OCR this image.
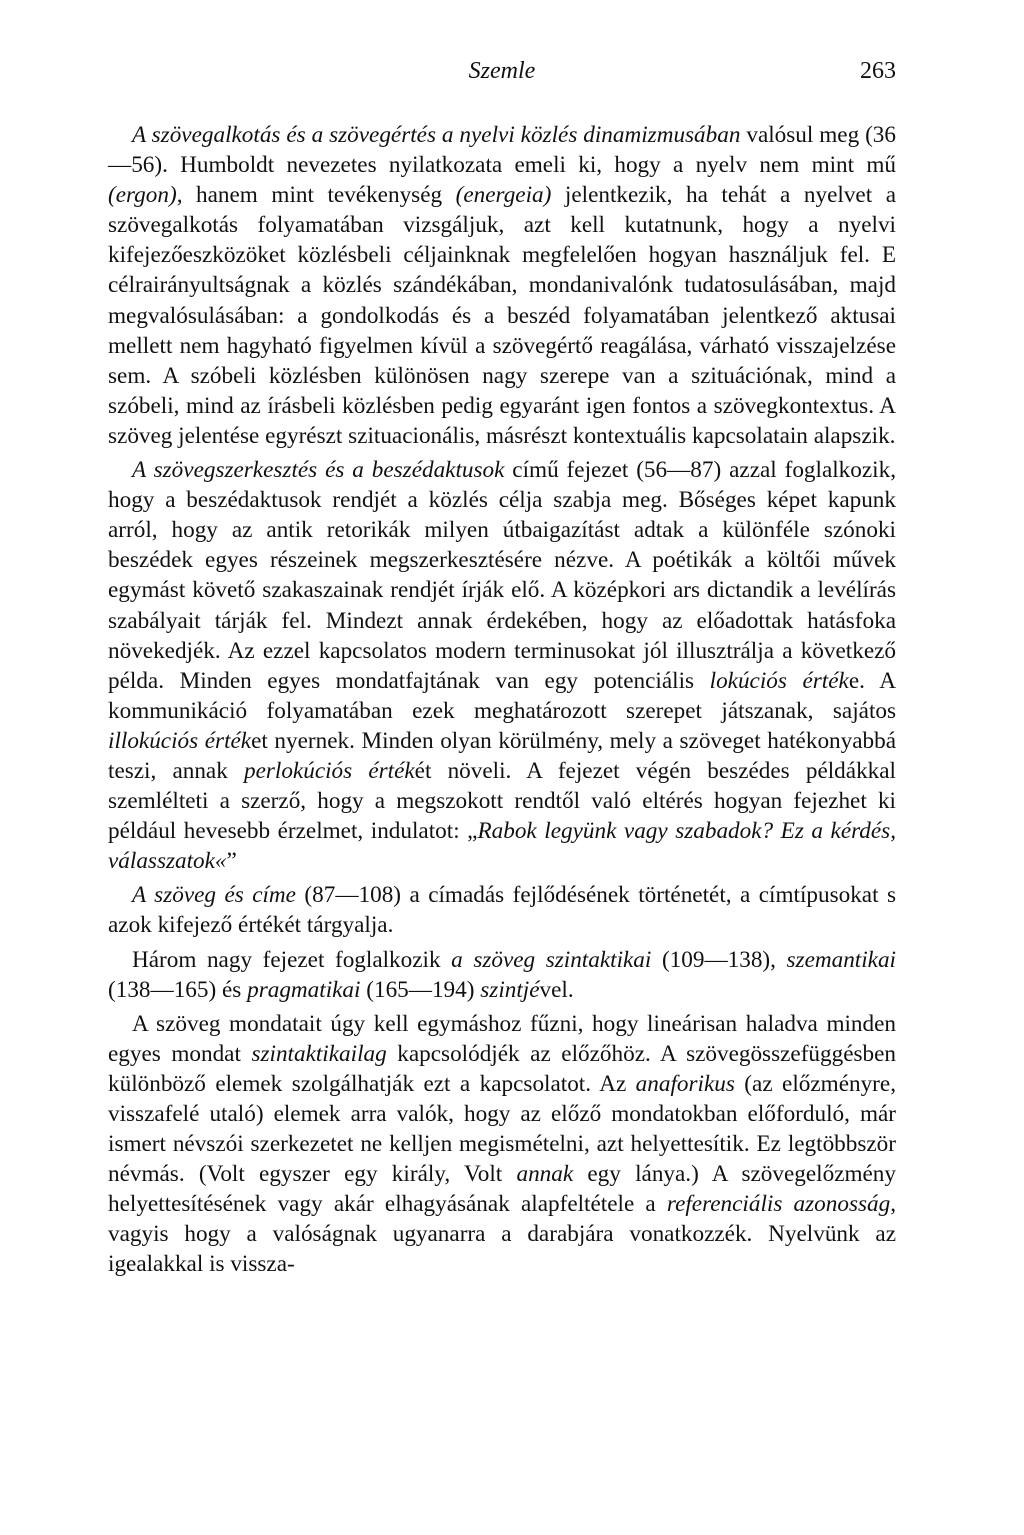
Szemle	263

A szövegalkotás és a szövegértés a nyelvi közlés dinamizmusában valósul meg (36—56). Humboldt nevezetes nyilatkozata emeli ki, hogy a nyelv nem mint mű (ergon), hanem mint tevékenység (energeia) jelentkezik, ha tehát a nyelvet a szövegalkotás folyamatában vizsgáljuk, azt kell kutatnunk, hogy a nyelvi kifejezőeszközöket közlésbeli céljainknak megfelelően hogyan használjuk fel. E célrairányultságnak a közlés szándékában, mondanivalónk tudatosulásában, majd megvalósulásában: a gondolkodás és a beszéd folyamatában jelentkező aktusai mellett nem hagyható figyelmen kívül a szövegértő reagálása, várható visszajelzése sem. A szóbeli közlésben különösen nagy szerepe van a szituációnak, mind a szóbeli, mind az írásbeli közlésben pedig egyaránt igen fontos a szövegkontextus. A szöveg jelentése egyrészt szituacionális, másrészt kontextuális kapcsolatain alapszik.

A szövegszerkesztés és a beszédaktusok című fejezet (56—87) azzal foglalkozik, hogy a beszédaktusok rendjét a közlés célja szabja meg. Bőséges képet kapunk arról, hogy az antik retorikák milyen útbaigazítást adtak a különféle szónoki beszédek egyes részeinek megszerkesztésére nézve. A poétikák a költői művek egymást követő szakaszainak rendjét írják elő. A középkori ars dictandik a levélírás szabályait tárják fel. Mindezt annak érdekében, hogy az előadottak hatásfoka növekedjék. Az ezzel kapcsolatos modern terminusokat jól illusztrálja a következő példa. Minden egyes mondatfajtának van egy potenciális lokúciós értéke. A kommunikáció folyamatában ezek meghatározott szerepet játszanak, sajátos illokúciós értéket nyernek. Minden olyan körülmény, mely a szöveget hatékonyabbá teszi, annak perlokúciós értékét növeli. A fejezet végén beszédes példákkal szemlélteti a szerző, hogy a megszokott rendtől való eltérés hogyan fejezhet ki például hevesebb érzelmet, indulatot: „Rabok legyünk vagy szabadok? Ez a kérdés, válasszatok«”

A szöveg és címe (87—108) a címadás fejlődésének történetét, a címtípusokat s azok kifejező értékét tárgyalja.

Három nagy fejezet foglalkozik a szöveg szintaktikai (109—138), szemantikai (138—165) és pragmatikai (165—194) szintjével.

A szöveg mondatait úgy kell egymáshoz fűzni, hogy lineárisan haladva minden egyes mondat szintaktikailag kapcsolódjék az előzőhöz. A szövegösszefüggésben különböző elemek szolgálhatják ezt a kapcsolatot. Az anaforikus (az előzményre, visszafelé utaló) elemek arra valók, hogy az előző mondatokban előforduló, már ismert névszói szerkezetet ne kelljen megismételni, azt helyettesítik. Ez legtöbbször névmás. (Volt egyszer egy király, Volt annak egy lánya.) A szövegelőzmény helyettesítésének vagy akár elhagyásának alapfeltétele a referenciális azonosság, vagyis hogy a valóságnak ugyanarra a darabjára vonatkozzék. Nyelvünk az igealakkal is vissza-
